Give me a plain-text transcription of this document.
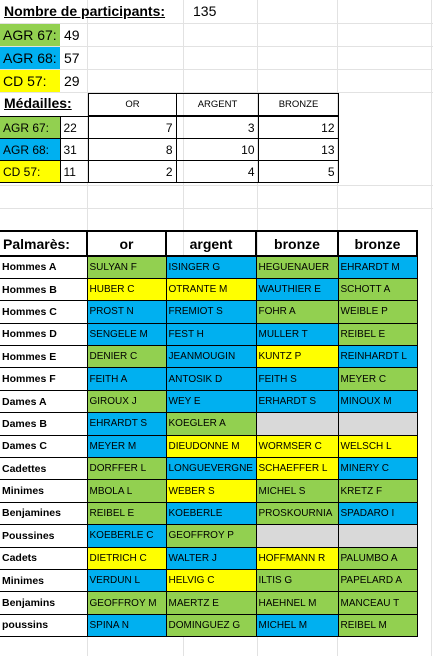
Nombre de participants: 135
AGR 67: 49
AGR 68: 57
CD 57:	29
Médailles:	OR	ARGENT	BRONZE
AGR 67:	22	7	3	12
AGR 68:	31	8	10	13
CD 57:	11	2	4	5
Palmarès:	or	argent	bronze	bronze
Hommes A	SULYAN F	ISINGER G	HEGUENAUER	EHRARDT M
Hommes B	HUBER C	OTRANTE M	WAUTHIER E	SCHOTT A
Hommes C	PROST N	FREMIOT S	FOHR A	WEIBLE P
Hommes D	SENGELE M	FEST H	MULLER T	REIBEL E
Hommes E	DENIER C	JEANMOUGIN	KUNTZ P	REINHARDT L
Hommes F	FEITH A	ANTOSIK D	FEITH S	MEYER C
Dames A	GIROUX J	WEY E	ERHARDT S	MINOUX M
Dames B	EHRARDT S	KOEGLER A		
Dames C	MEYER M	DIEUDONNE M	WORMSER C	WELSCH L
Cadettes	DORFFER L	LONGUEVERGNE	SCHAEFFER L	MINERY C
Minimes	MBOLA L	WEBER S	MICHEL S	KRETZ F
Benjamines	REIBEL E	KOEBERLE	PROSKOURNIA	SPADARO I
Poussines	KOEBERLE C	GEOFFROY P		
Cadets	DIETRICH C	WALTER J	HOFFMANN R	PALUMBO A
Minimes	VERDUN L	HELVIG C	ILTIS G	PAPELARD A
Benjamins	GEOFFROY M	MAERTZ E	HAEHNEL M	MANCEAU T
poussins	SPINA N	DOMINGUEZ G	MICHEL M	REIBEL M
